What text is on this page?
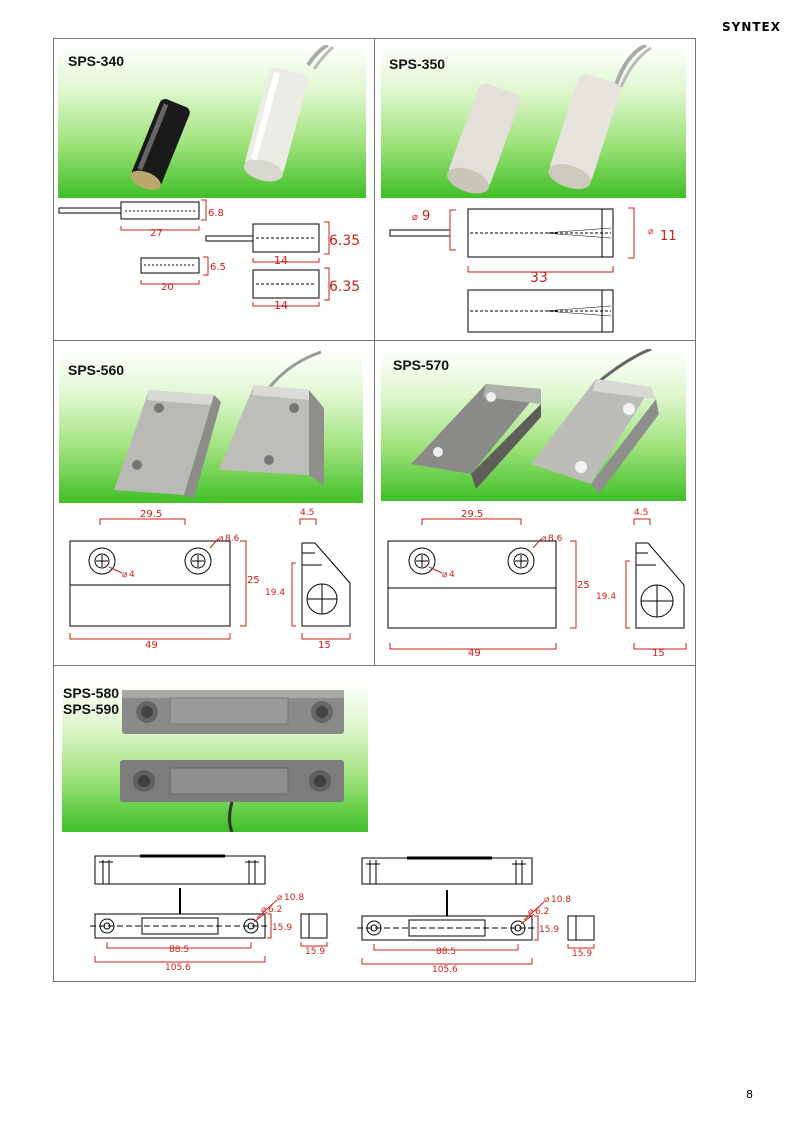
SYNTEX
SPS-340
6.8
27	6.35
14
6.5
20	6.35
14
SPS-350
9
⌀
11
⌀
33
SPS-560
29.5
⌀ 8.6
⌀ 4	25
49
4.5
19.4
15
SPS-570
29.5
⌀ 8.6
⌀ 4
25
49
4.5
19.4
15
SPS-580
SPS-590
⌀ 10.8
⌀ 6.2
15.9
15.9
88.5
105.6
⌀ 10.8
⌀ 6.2
15.9
15.9
88.5
105.6
8
